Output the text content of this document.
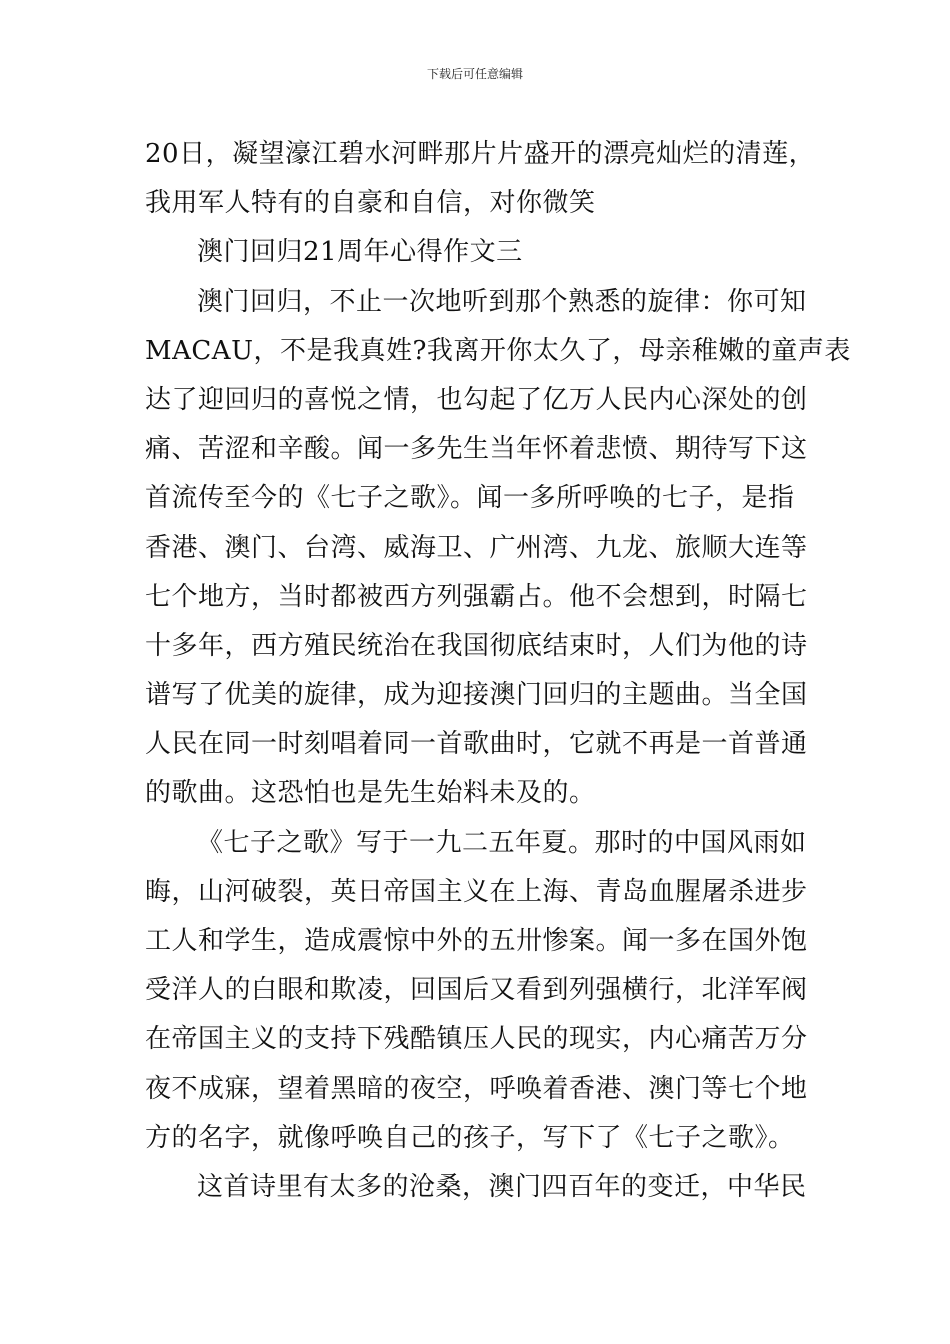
下载后可任意编辑
20日，凝望濠江碧水河畔那片片盛开的漂亮灿烂的清莲，
我用军人特有的自豪和自信，对你微笑
澳门回归21周年心得作文三
澳门回归，不止一次地听到那个熟悉的旋律：你可知
MACAU，不是我真姓?我离开你太久了，母亲稚嫩的童声表
达了迎回归的喜悦之情，也勾起了亿万人民内心深处的创
痛、苦涩和辛酸。闻一多先生当年怀着悲愤、期待写下这
首流传至今的《七子之歌》。闻一多所呼唤的七子，是指
香港、澳门、台湾、威海卫、广州湾、九龙、旅顺大连等
七个地方，当时都被西方列强霸占。他不会想到，时隔七
十多年，西方殖民统治在我国彻底结束时，人们为他的诗
谱写了优美的旋律，成为迎接澳门回归的主题曲。当全国
人民在同一时刻唱着同一首歌曲时，它就不再是一首普通
的歌曲。这恐怕也是先生始料未及的。
《七子之歌》写于一九二五年夏。那时的中国风雨如
晦，山河破裂，英日帝国主义在上海、青岛血腥屠杀进步
工人和学生，造成震惊中外的五卅惨案。闻一多在国外饱
受洋人的白眼和欺凌，回国后又看到列强横行，北洋军阀
在帝国主义的支持下残酷镇压人民的现实，内心痛苦万分
夜不成寐，望着黑暗的夜空，呼唤着香港、澳门等七个地
方的名字，就像呼唤自己的孩子，写下了《七子之歌》。
这首诗里有太多的沧桑，澳门四百年的变迁，中华民
